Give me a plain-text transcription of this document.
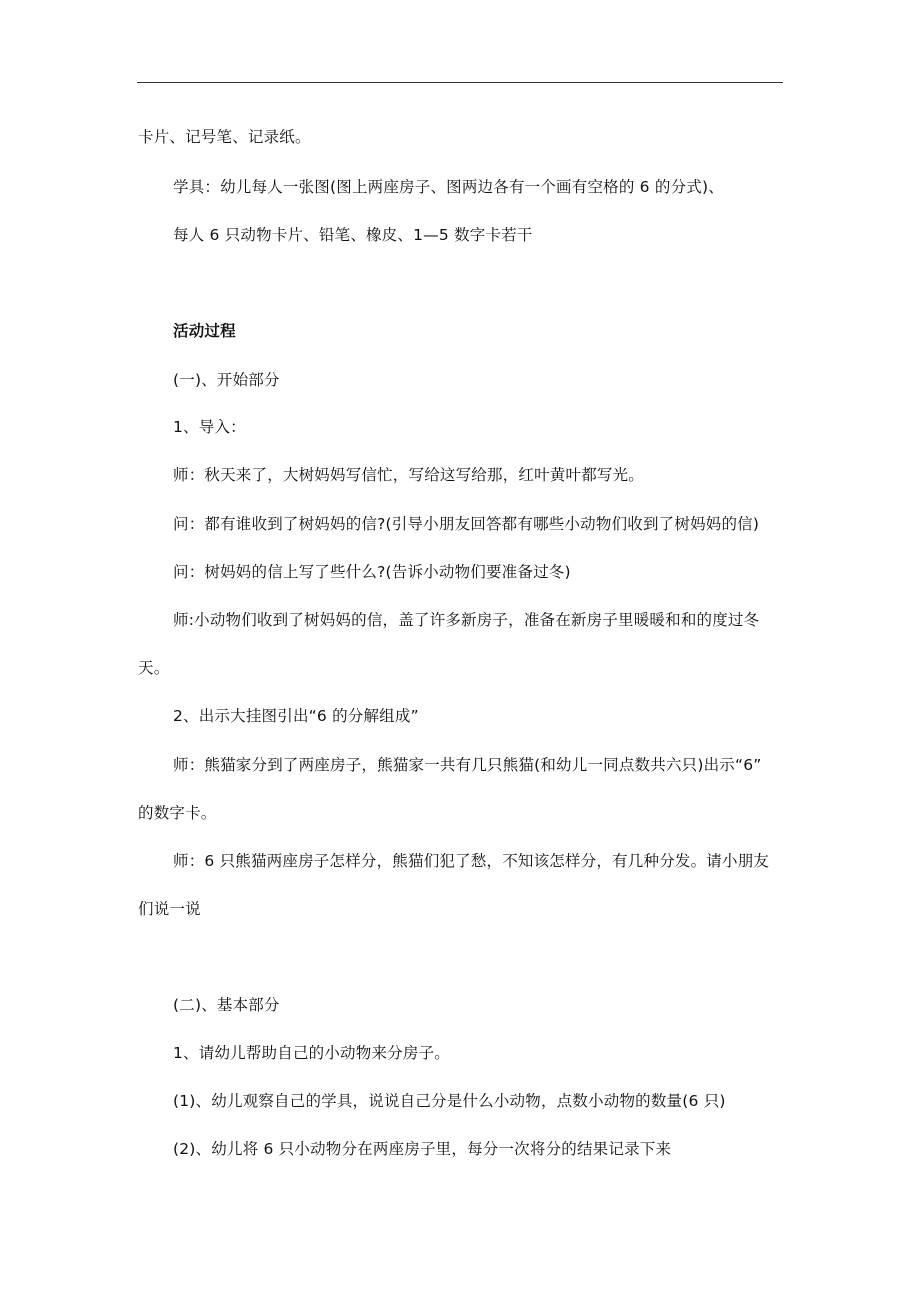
卡片、记号笔、记录纸。
学具：幼儿每人一张图(图上两座房子、图两边各有一个画有空格的 6 的分式)、
每人 6 只动物卡片、铅笔、橡皮、1—5 数字卡若干
活动过程
(一)、开始部分
1、导入：
师：秋天来了，大树妈妈写信忙，写给这写给那，红叶黄叶都写光。
问：都有谁收到了树妈妈的信?(引导小朋友回答都有哪些小动物们收到了树妈妈的信)
问：树妈妈的信上写了些什么?(告诉小动物们要准备过冬)
师:小动物们收到了树妈妈的信，盖了许多新房子，准备在新房子里暖暖和和的度过冬
天。
2、出示大挂图引出“6 的分解组成”
师：熊猫家分到了两座房子，熊猫家一共有几只熊猫(和幼儿一同点数共六只)出示“6”
的数字卡。
师：6 只熊猫两座房子怎样分，熊猫们犯了愁，不知该怎样分，有几种分发。请小朋友
们说一说
(二)、基本部分
1、请幼儿帮助自己的小动物来分房子。
(1)、幼儿观察自己的学具，说说自己分是什么小动物，点数小动物的数量(6 只)
(2)、幼儿将 6 只小动物分在两座房子里，每分一次将分的结果记录下来
